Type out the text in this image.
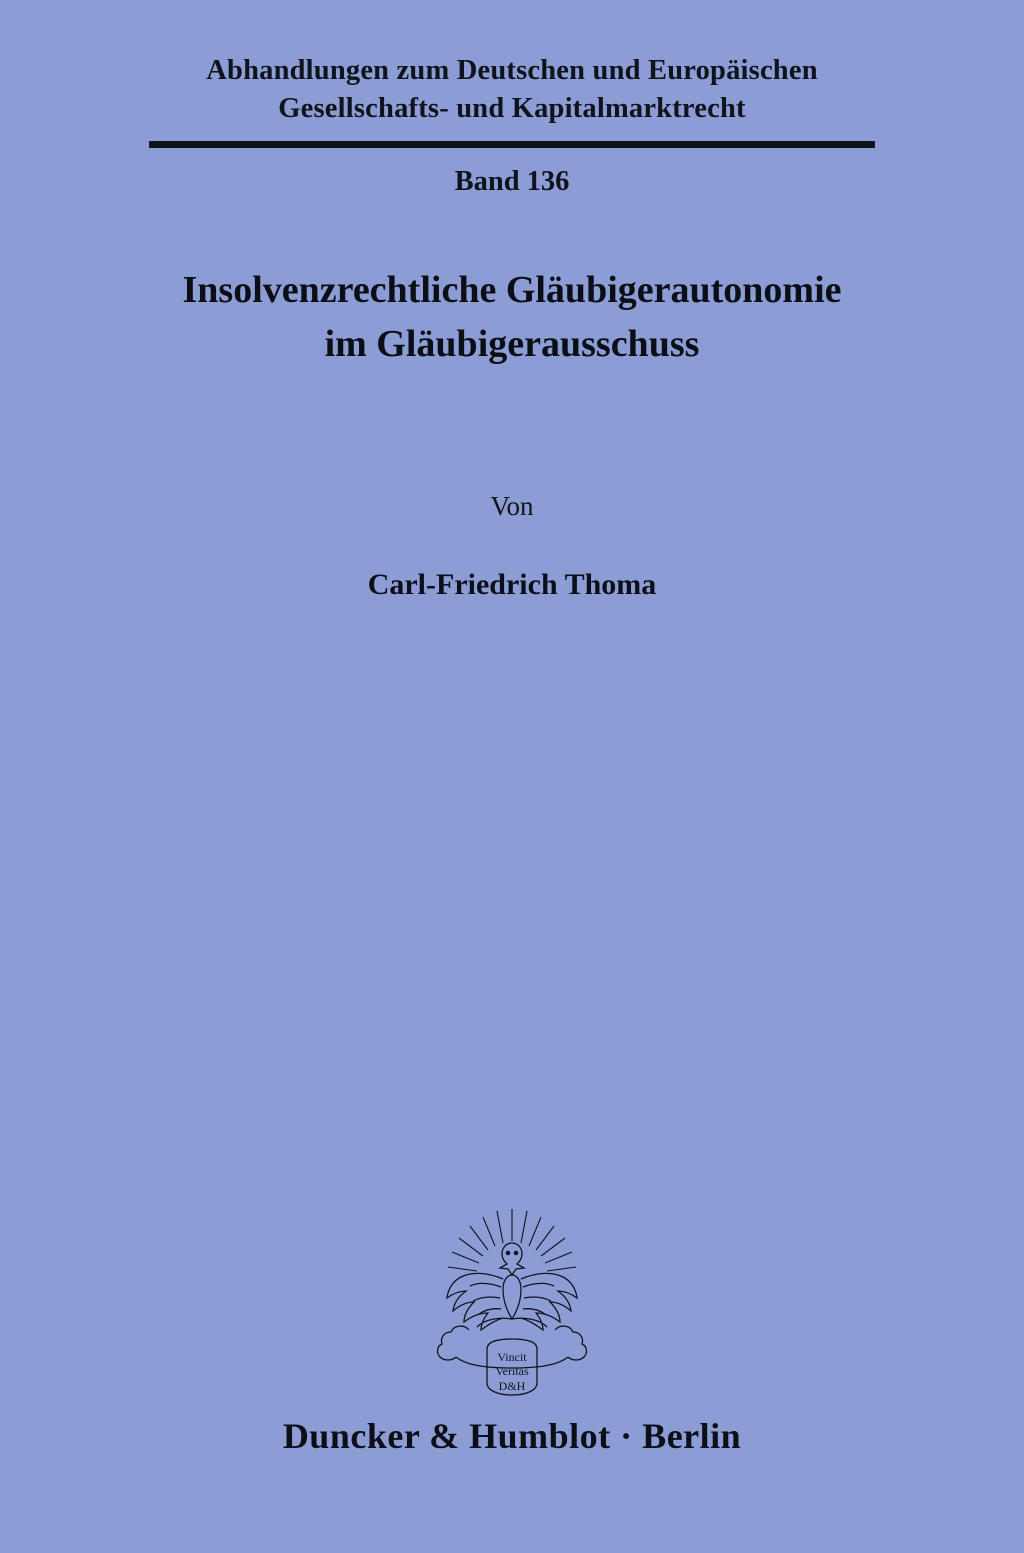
Abhandlungen zum Deutschen und Europäischen
Gesellschafts- und Kapitalmarktrecht
Band 136
Insolvenzrechtliche Gläubigerautonomie
im Gläubigerausschuss
Von
Carl-Friedrich Thoma
Vincit
Veritas
D&H
Duncker & Humblot · Berlin
